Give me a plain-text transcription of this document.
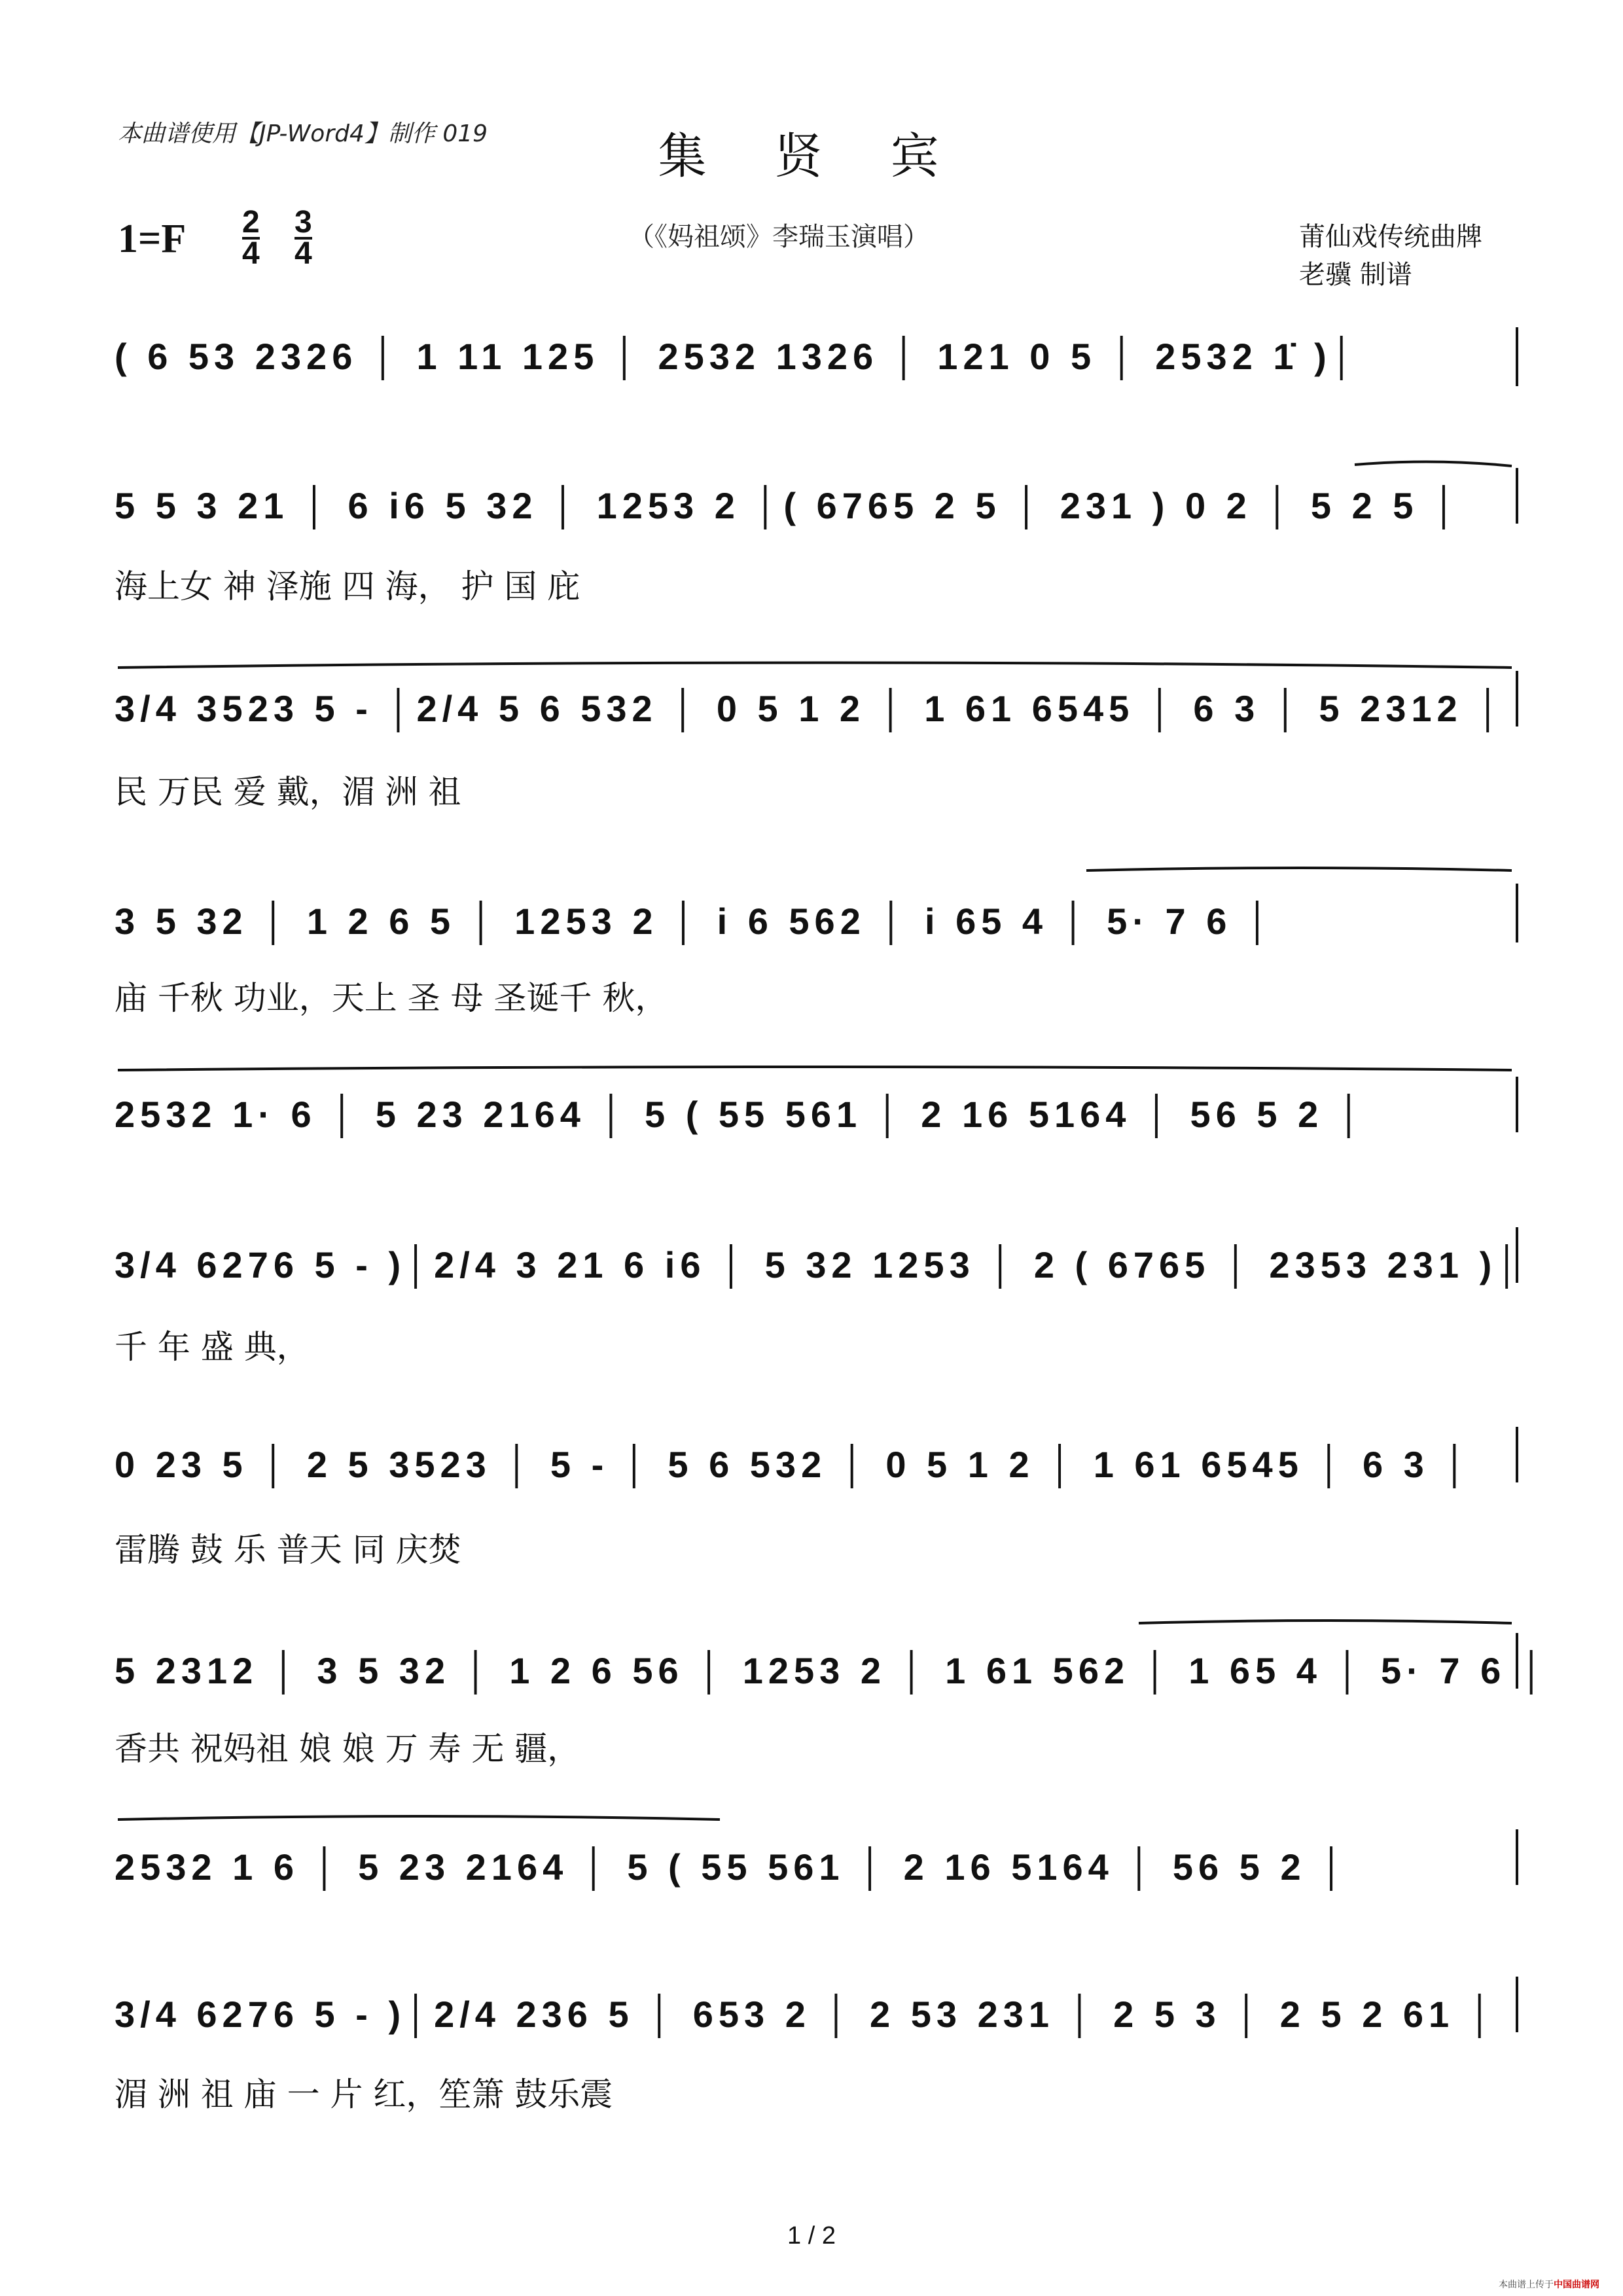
本曲谱使用【JP-Word4】制作 019	集 贤 宾
1=F 2
4
3
4	（《妈祖颂》李瑞玉演唱）	莆仙戏传统曲牌
老骥 制谱
( 6 53 2326 │ 1 11 125 │ 2532 1326 │ 121 0 5 │ 2532 1̇ )│
5 5 3 21 │ 6 i6 5 32 │ 1253 2 │( 6765 2 5 │ 231 ) 0 2 │ 5 2 5 │
海上女 神 泽施 四 海， 护 国 庇
3/4 3523 5 - │2/4 5 6 532 │ 0 5 1 2 │ 1 61 6545 │ 6 3 │ 5 2312 │
民 万民 爱 戴，湄 洲 祖
3 5 32 │ 1 2 6 5 │ 1253 2 │ i 6 562 │ i 65 4 │ 5· 7 6 │
庙 千秋 功业，天上 圣 母 圣诞千 秋，
2532 1· 6 │ 5 23 2164 │ 5 ( 55 561 │ 2 16 5164 │ 56 5 2 │
3/4 6276 5 - )│2/4 3 21 6 i6 │ 5 32 1253 │ 2 ( 6765 │ 2353 231 )│
千 年 盛 典，
0 23 5 │ 2 5 3523 │ 5 - │ 5 6 532 │ 0 5 1 2 │ 1 61 6545 │ 6 3 │
雷腾 鼓 乐 普天 同 庆焚
5 2312 │ 3 5 32 │ 1 2 6 56 │ 1253 2 │ 1 61 562 │ 1 65 4 │ 5· 7 6 │
香共 祝妈祖 娘 娘 万 寿 无 疆，
2532 1 6 │ 5 23 2164 │ 5 ( 55 561 │ 2 16 5164 │ 56 5 2 │
3/4 6276 5 - )│2/4 236 5 │ 653 2 │ 2 53 231 │ 2 5 3 │ 2 5 2 61 │
湄 洲 祖 庙 一 片 红，笙箫 鼓乐震
1 / 2
本曲谱上传于中国曲谱网
